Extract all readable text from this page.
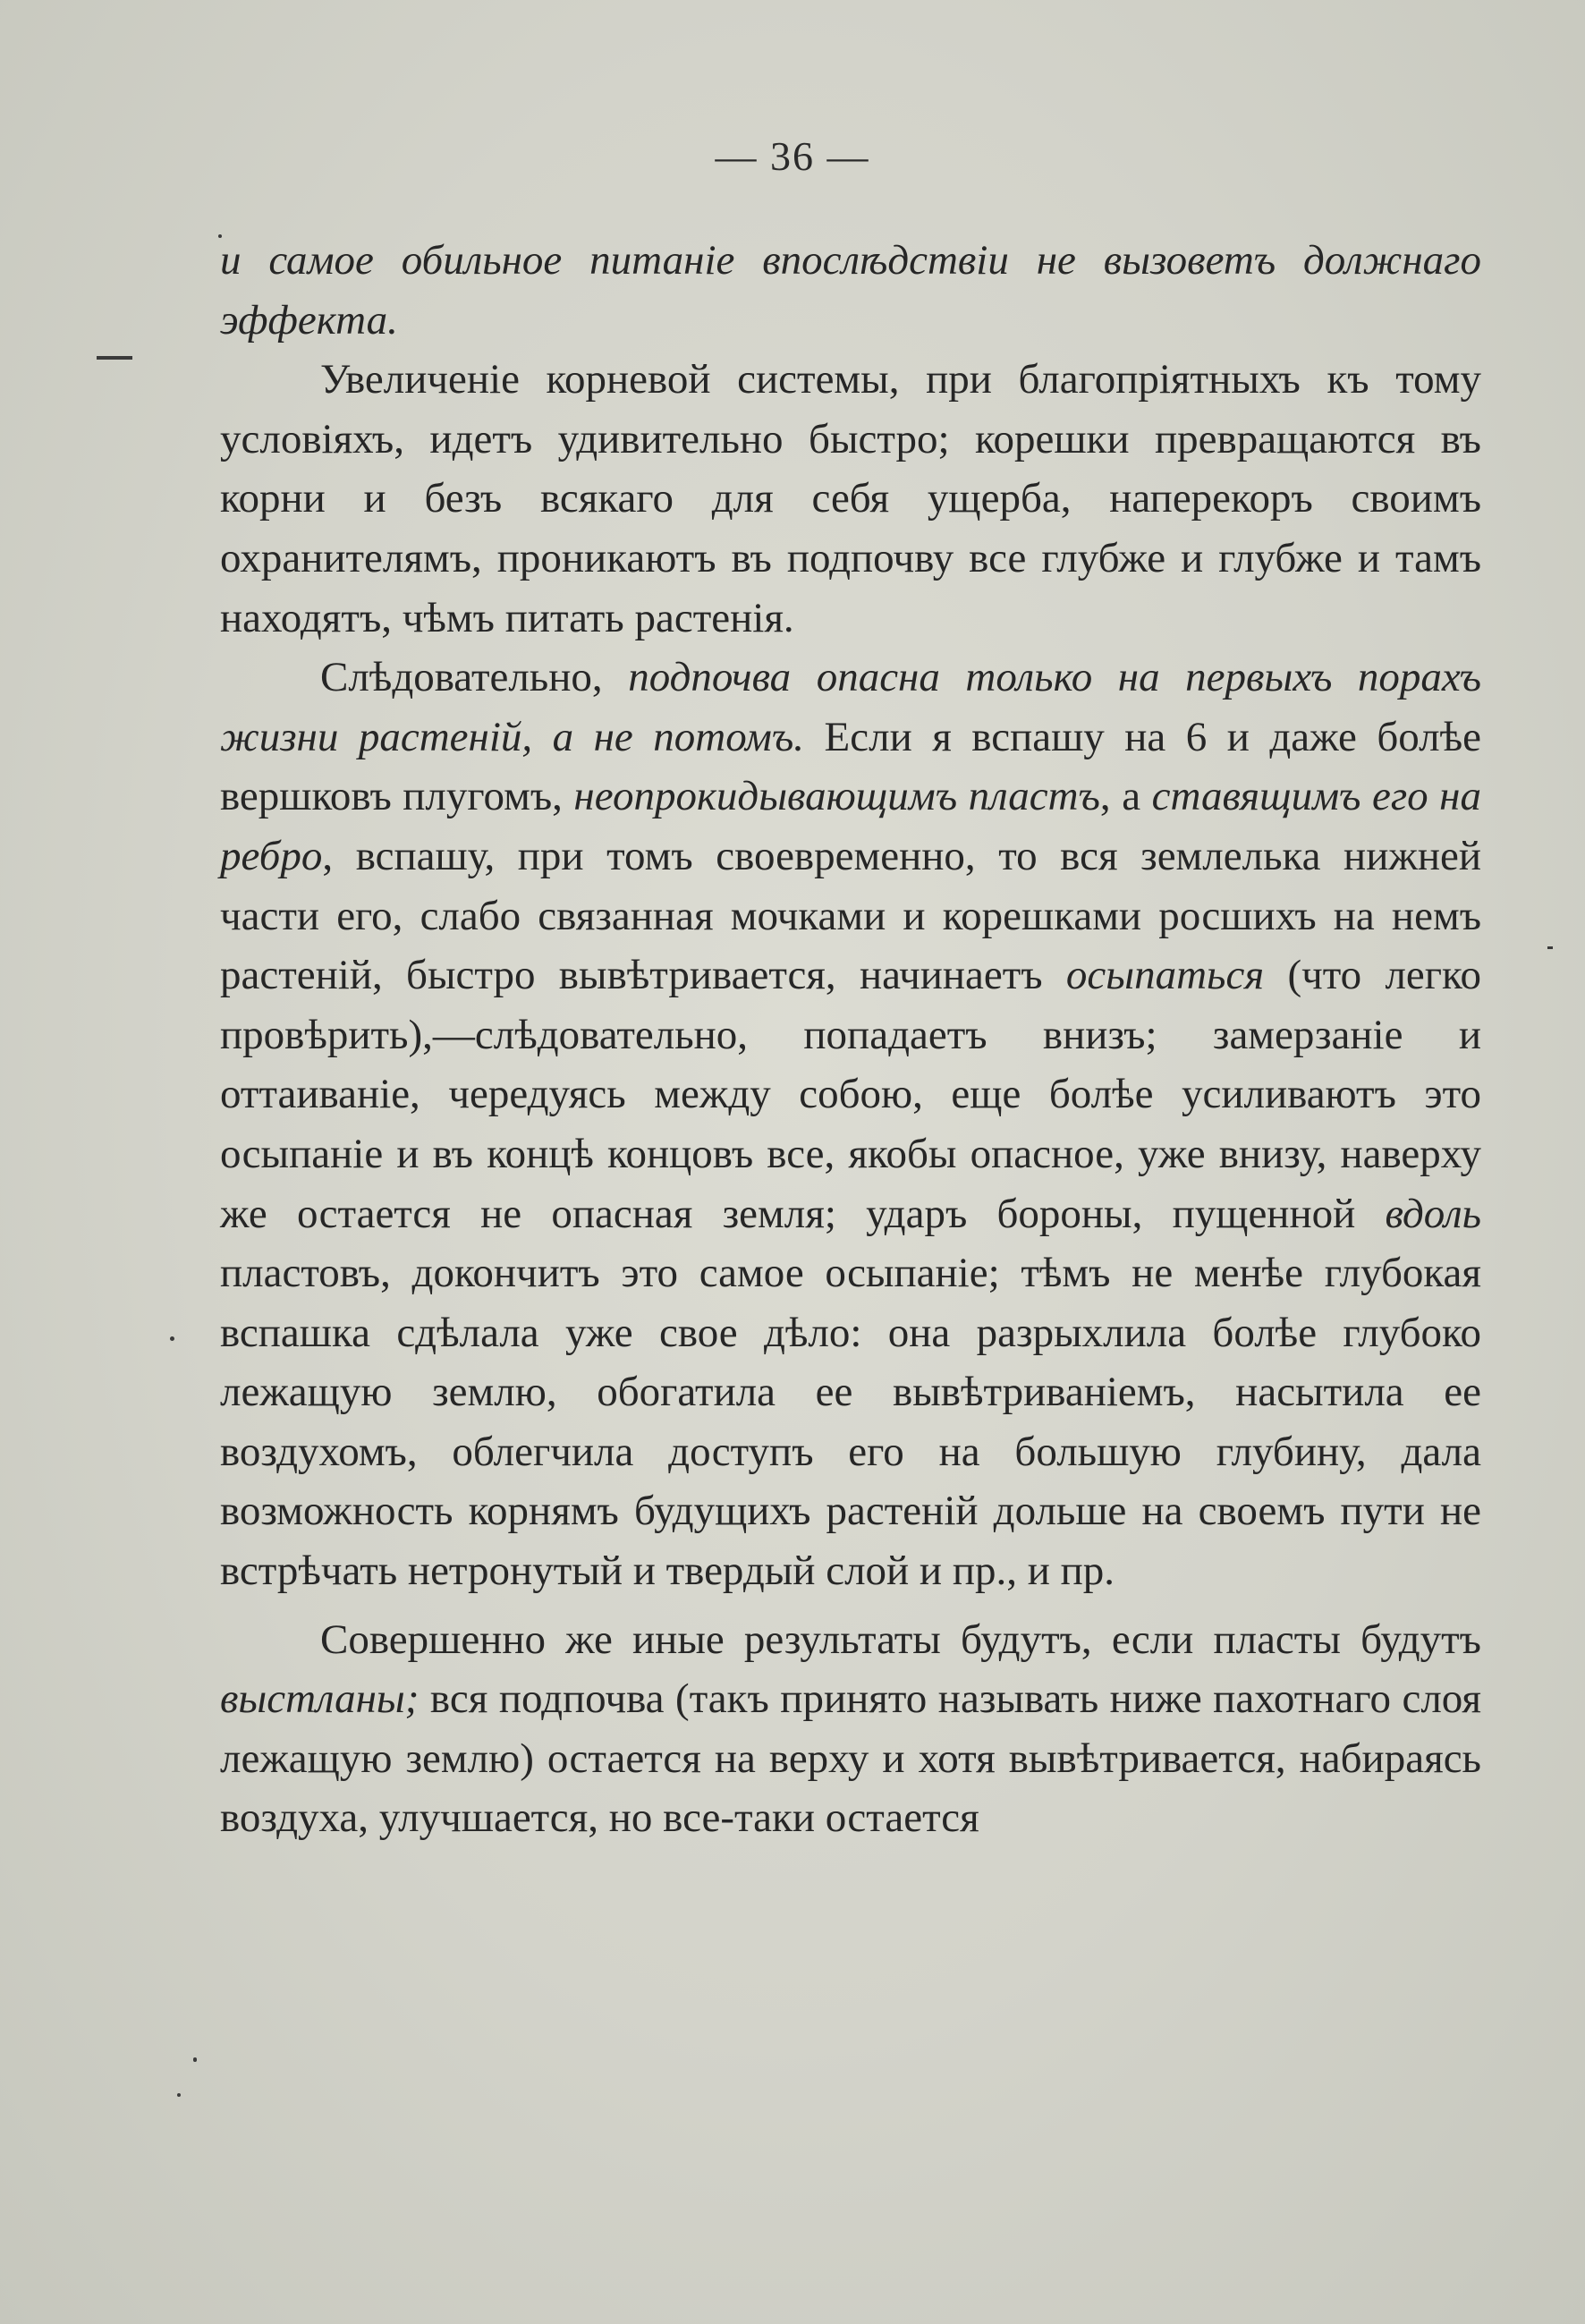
— 36 —

и самое обильное питаніе впослѣдствіи не вызоветъ должнаго эффекта.

Увеличеніе корневой системы, при благопріятныхъ къ тому условіяхъ, идетъ удивительно быстро; корешки превращаются въ корни и безъ всякаго для себя ущерба, наперекоръ своимъ охранителямъ, проникаютъ въ подпочву все глубже и глубже и тамъ находятъ, чѣмъ питать растенія.

Слѣдовательно, подпочва опасна только на первыхъ порахъ жизни растеній, а не потомъ. Если я вспашу на 6 и даже болѣе вершковъ плугомъ, неопрокидывающимъ пластъ, а ставящимъ его на ребро, вспашу, при томъ своевременно, то вся землелька нижней части его, слабо связанная мочками и корешками росшихъ на немъ растеній, быстро вывѣтривается, начинаетъ осыпаться (что легко провѣрить),—слѣдовательно, попадаетъ внизъ; замерзаніе и оттаиваніе, чередуясь между собою, еще болѣе усиливаютъ это осыпаніе и въ концѣ концовъ все, якобы опасное, уже внизу, наверху же остается не опасная земля; ударъ бороны, пущенной вдоль пластовъ, докончитъ это самое осыпаніе; тѣмъ не менѣе глубокая вспашка сдѣлала уже свое дѣло: она разрыхлила болѣе глубоко лежащую землю, обогатила ее вывѣтриваніемъ, насытила ее воздухомъ, облегчила доступъ его на большую глубину, дала возможность корнямъ будущихъ растеній дольше на своемъ пути не встрѣчать нетронутый и твердый слой и пр., и пр.

Совершенно же иные результаты будутъ, если пласты будутъ выстланы; вся подпочва (такъ принято называть ниже пахотнаго слоя лежащую землю) остается на верху и хотя вывѣтривается, набираясь воздуха, улучшается, но все-таки остается
